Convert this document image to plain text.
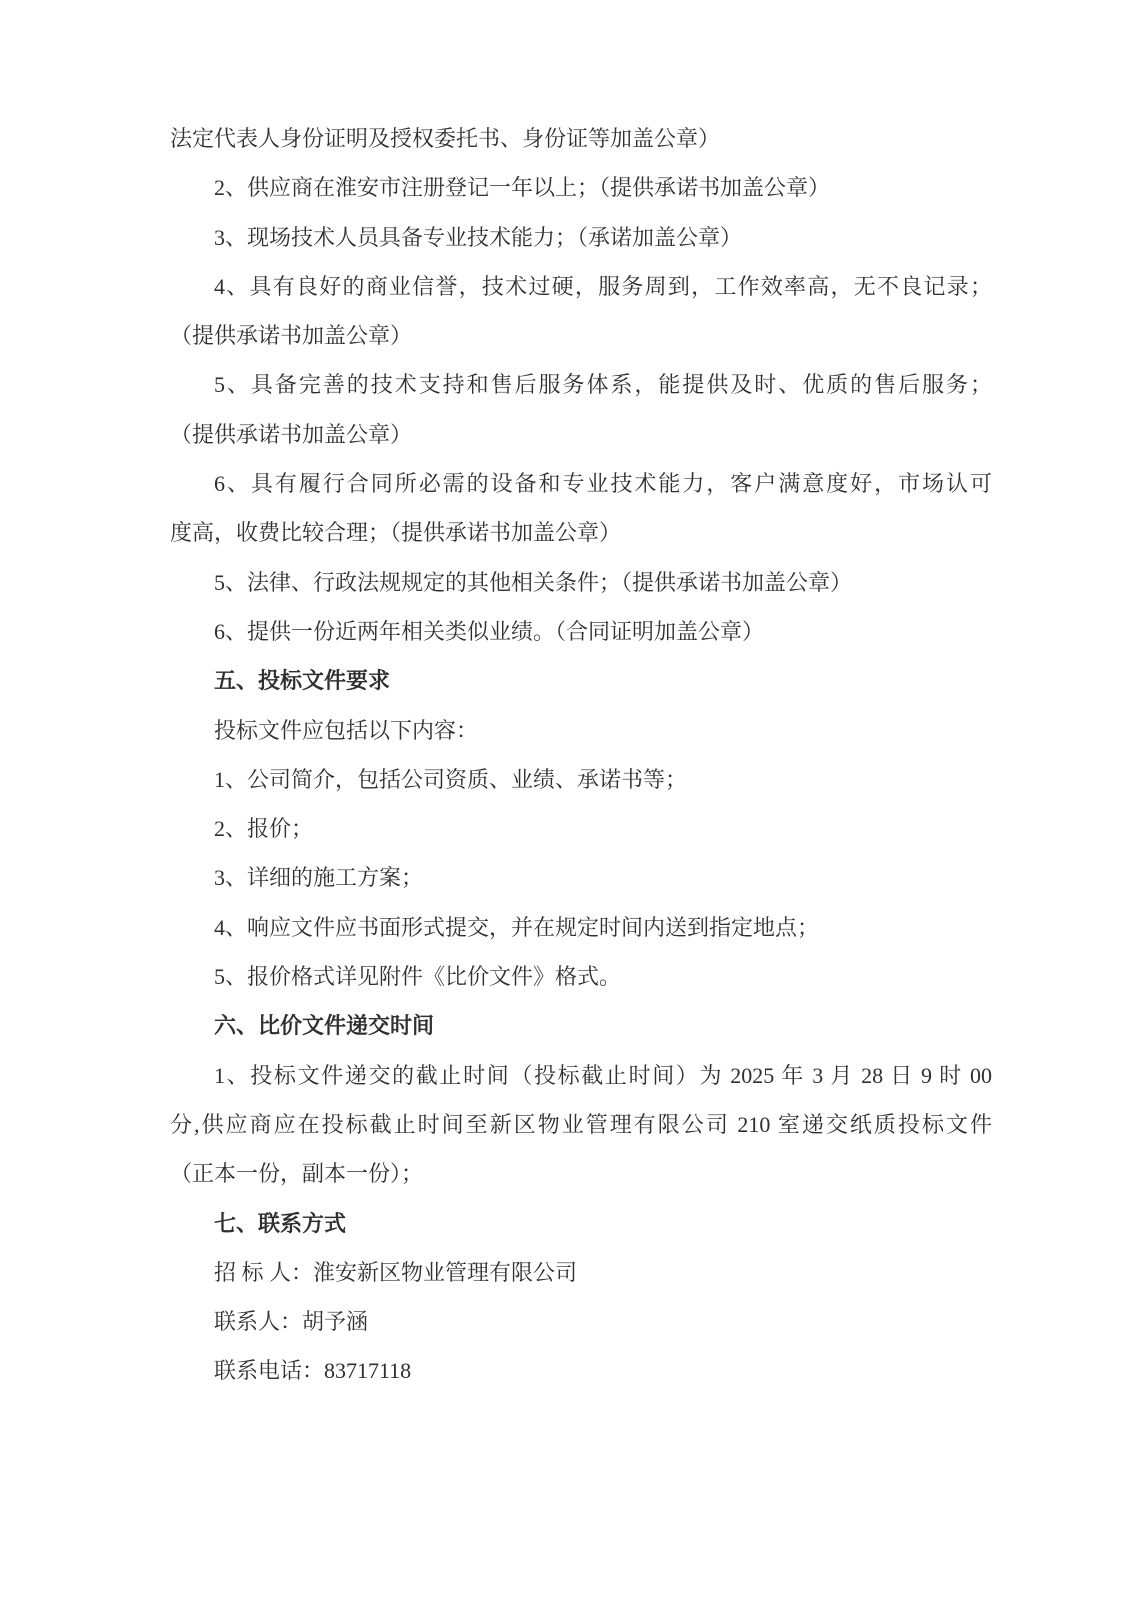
法定代表人身份证明及授权委托书、身份证等加盖公章）
2、供应商在淮安市注册登记一年以上；（提供承诺书加盖公章）
3、现场技术人员具备专业技术能力；（承诺加盖公章）
4、具有良好的商业信誉，技术过硬，服务周到，工作效率高，无不良记录；
（提供承诺书加盖公章）
5、具备完善的技术支持和售后服务体系，能提供及时、优质的售后服务；
（提供承诺书加盖公章）
6、具有履行合同所必需的设备和专业技术能力，客户满意度好，市场认可
度高，收费比较合理；（提供承诺书加盖公章）
5、法律、行政法规规定的其他相关条件；（提供承诺书加盖公章）
6、提供一份近两年相关类似业绩。（合同证明加盖公章）
五、投标文件要求
投标文件应包括以下内容：
1、公司简介，包括公司资质、业绩、承诺书等；
2、报价；
3、详细的施工方案；
4、响应文件应书面形式提交，并在规定时间内送到指定地点；
5、报价格式详见附件《比价文件》格式。
六、比价文件递交时间
1、投标文件递交的截止时间（投标截止时间）为 2025 年 3 月 28 日 9 时 00
分,供应商应在投标截止时间至新区物业管理有限公司 210 室递交纸质投标文件
（正本一份，副本一份）；
七、联系方式
招 标 人：淮安新区物业管理有限公司
联系人：胡予涵
联系电话：83717118
